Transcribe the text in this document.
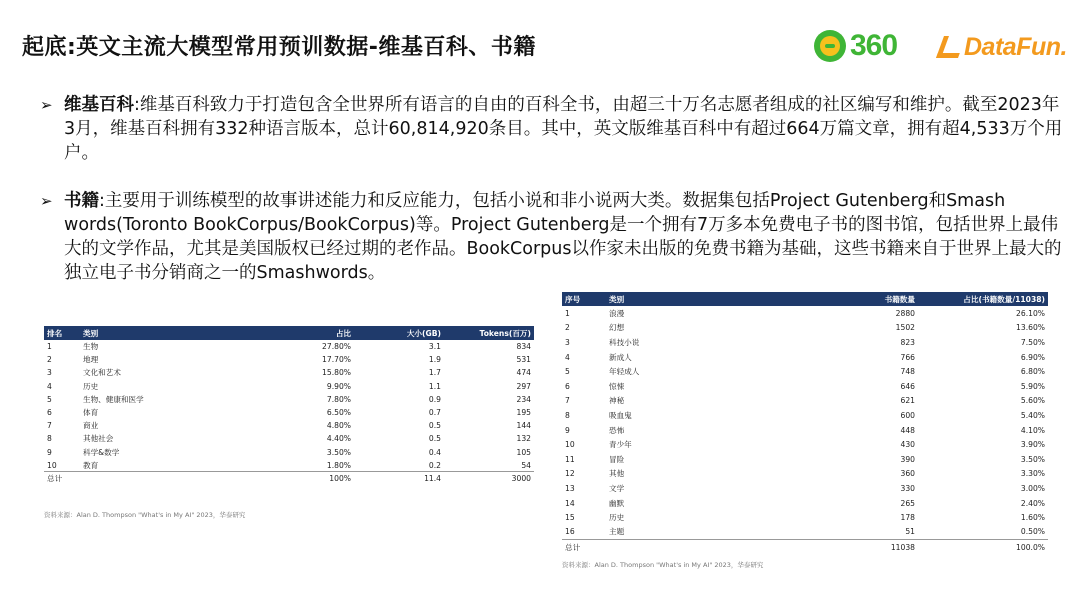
起底:英文主流大模型常用预训数据-维基百科、书籍	360	DataFun.
➢ 维基百科:维基百科致力于打造包含全世界所有语言的自由的百科全书，由超三十万名志愿者组成的社区编写和维护。截至2023年3月，维基百科拥有332种语言版本，总计60,814,920条目。其中，英文版维基百科中有超过664万篇文章，拥有超4,533万个用户。
➢ 书籍:主要用于训练模型的故事讲述能力和反应能力，包括小说和非小说两大类。数据集包括Project Gutenberg和Smash words(Toronto BookCorpus/BookCorpus)等。Project Gutenberg是一个拥有7万多本免费电子书的图书馆，包括世界上最伟大的文学作品，尤其是美国版权已经过期的老作品。BookCorpus以作家未出版的免费书籍为基础，这些书籍来自于世界上最大的独立电子书分销商之一的Smashwords。
排名	类别	占比	大小(GB)	Tokens(百万)
1	生物	27.80%	3.1	834
2	地理	17.70%	1.9	531
3	文化和艺术	15.80%	1.7	474
4	历史	9.90%	1.1	297
5	生物、健康和医学	7.80%	0.9	234
6	体育	6.50%	0.7	195
7	商业	4.80%	0.5	144
8	其他社会	4.40%	0.5	132
9	科学&数学	3.50%	0.4	105
10	教育	1.80%	0.2	54
总计		100%	11.4	3000
资料来源：Alan D. Thompson "What's in My AI" 2023，华泰研究
序号	类别	书籍数量	占比(书籍数量/11038)
1	浪漫	2880	26.10%
2	幻想	1502	13.60%
3	科技小说	823	7.50%
4	新成人	766	6.90%
5	年轻成人	748	6.80%
6	惊悚	646	5.90%
7	神秘	621	5.60%
8	吸血鬼	600	5.40%
9	恐怖	448	4.10%
10	青少年	430	3.90%
11	冒险	390	3.50%
12	其他	360	3.30%
13	文学	330	3.00%
14	幽默	265	2.40%
15	历史	178	1.60%
16	主题	51	0.50%
总计		11038	100.0%
资料来源：Alan D. Thompson "What's in My AI" 2023，华泰研究
